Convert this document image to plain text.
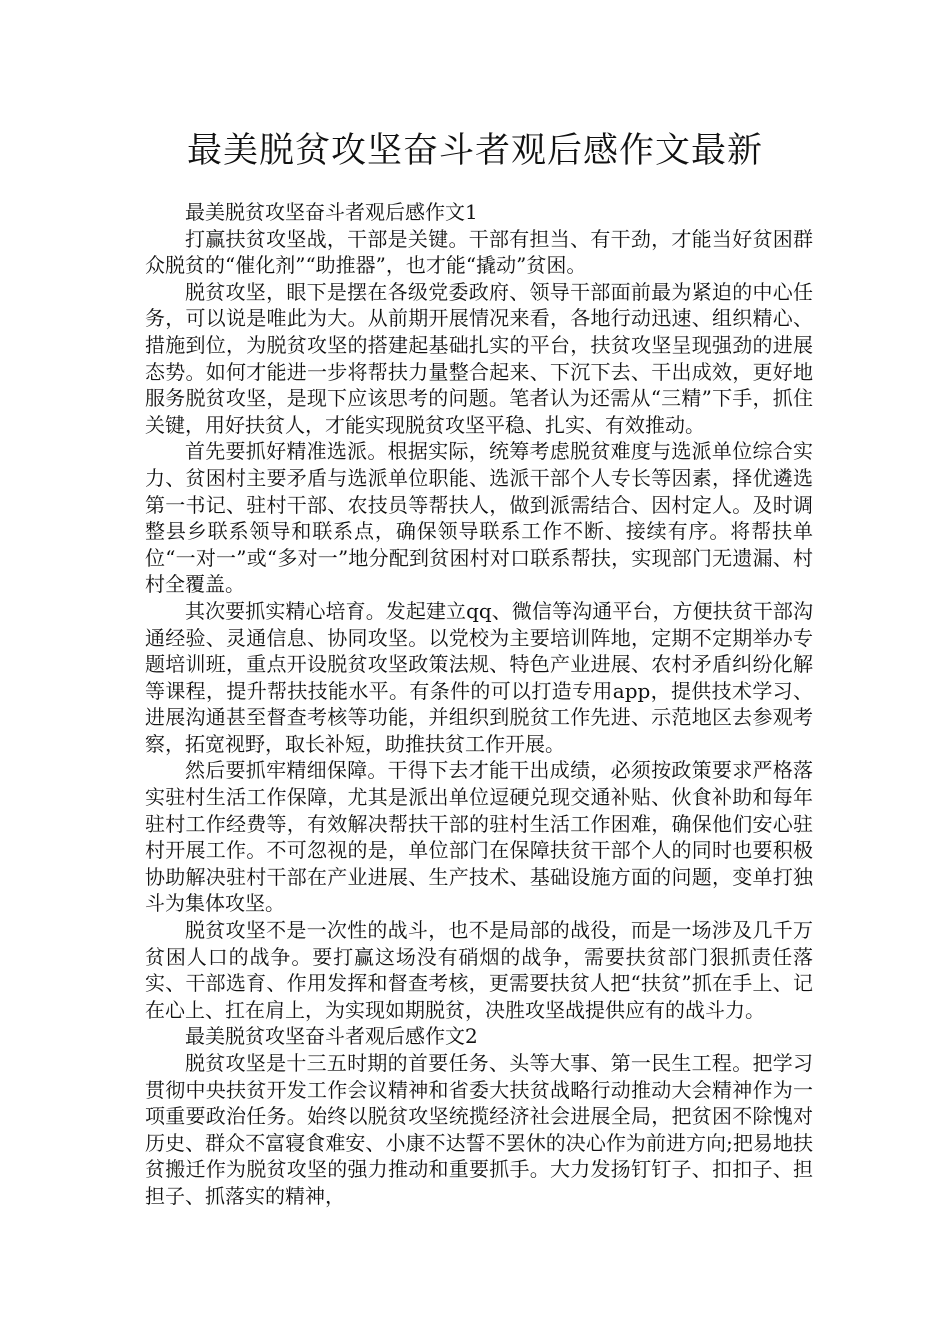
最美脱贫攻坚奋斗者观后感作文最新

最美脱贫攻坚奋斗者观后感作文1

打赢扶贫攻坚战，干部是关键。干部有担当、有干劲，才能当好贫困群众脱贫的“催化剂”“助推器”，也才能“撬动”贫困。

脱贫攻坚，眼下是摆在各级党委政府、领导干部面前最为紧迫的中心任务，可以说是唯此为大。从前期开展情况来看，各地行动迅速、组织精心、措施到位，为脱贫攻坚的搭建起基础扎实的平台，扶贫攻坚呈现强劲的进展态势。如何才能进一步将帮扶力量整合起来、下沉下去、干出成效，更好地服务脱贫攻坚，是现下应该思考的问题。笔者认为还需从“三精”下手，抓住关键，用好扶贫人，才能实现脱贫攻坚平稳、扎实、有效推动。

首先要抓好精准选派。根据实际，统筹考虑脱贫难度与选派单位综合实力、贫困村主要矛盾与选派单位职能、选派干部个人专长等因素，择优遴选第一书记、驻村干部、农技员等帮扶人，做到派需结合、因村定人。及时调整县乡联系领导和联系点，确保领导联系工作不断、接续有序。将帮扶单位“一对一”或“多对一”地分配到贫困村对口联系帮扶，实现部门无遗漏、村村全覆盖。

其次要抓实精心培育。发起建立qq、微信等沟通平台，方便扶贫干部沟通经验、灵通信息、协同攻坚。以党校为主要培训阵地，定期不定期举办专题培训班，重点开设脱贫攻坚政策法规、特色产业进展、农村矛盾纠纷化解等课程，提升帮扶技能水平。有条件的可以打造专用app，提供技术学习、进展沟通甚至督查考核等功能，并组织到脱贫工作先进、示范地区去参观考察，拓宽视野，取长补短，助推扶贫工作开展。

然后要抓牢精细保障。干得下去才能干出成绩，必须按政策要求严格落实驻村生活工作保障，尤其是派出单位逗硬兑现交通补贴、伙食补助和每年驻村工作经费等，有效解决帮扶干部的驻村生活工作困难，确保他们安心驻村开展工作。不可忽视的是，单位部门在保障扶贫干部个人的同时也要积极协助解决驻村干部在产业进展、生产技术、基础设施方面的问题，变单打独斗为集体攻坚。

脱贫攻坚不是一次性的战斗，也不是局部的战役，而是一场涉及几千万贫困人口的战争。要打赢这场没有硝烟的战争，需要扶贫部门狠抓责任落实、干部选育、作用发挥和督查考核，更需要扶贫人把“扶贫”抓在手上、记在心上、扛在肩上，为实现如期脱贫，决胜攻坚战提供应有的战斗力。

最美脱贫攻坚奋斗者观后感作文2

脱贫攻坚是十三五时期的首要任务、头等大事、第一民生工程。把学习贯彻中央扶贫开发工作会议精神和省委大扶贫战略行动推动大会精神作为一项重要政治任务。始终以脱贫攻坚统揽经济社会进展全局，把贫困不除愧对历史、群众不富寝食难安、小康不达誓不罢休的决心作为前进方向;把易地扶贫搬迁作为脱贫攻坚的强力推动和重要抓手。大力发扬钉钉子、扣扣子、担担子、抓落实的精神，
